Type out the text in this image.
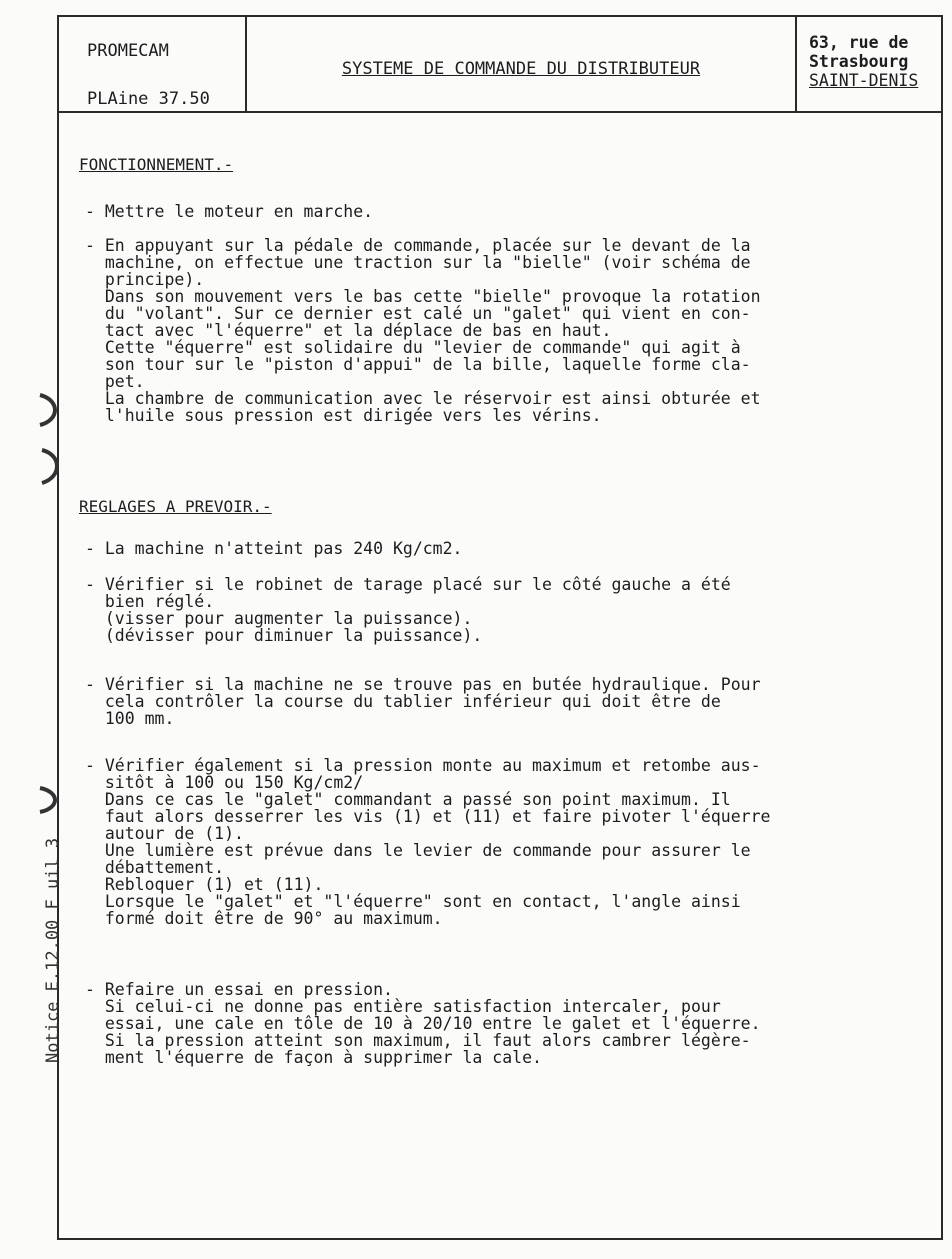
PROMECAM
PLAine 37.50
SYSTEME DE COMMANDE DU DISTRIBUTEUR
63, rue de
Strasbourg
SAINT-DENIS
FONCTIONNEMENT.-
- Mettre le moteur en marche.
- En appuyant sur la pédale de commande, placée sur le devant de la
machine, on effectue une traction sur la "bielle" (voir schéma de
principe).
Dans son mouvement vers le bas cette "bielle" provoque la rotation
du "volant". Sur ce dernier est calé un "galet" qui vient en con-
tact avec "l'équerre" et la déplace de bas en haut.
Cette "équerre" est solidaire du "levier de commande" qui agit à
son tour sur le "piston d'appui" de la bille, laquelle forme cla-
pet.
La chambre de communication avec le réservoir est ainsi obturée et
l'huile sous pression est dirigée vers les vérins.
REGLAGES A PREVOIR.-
- La machine n'atteint pas 240 Kg/cm2.
- Vérifier si le robinet de tarage placé sur le côté gauche a été
bien réglé.
(visser pour augmenter la puissance).
(dévisser pour diminuer la puissance).
- Vérifier si la machine ne se trouve pas en butée hydraulique. Pour
cela contrôler la course du tablier inférieur qui doit être de
100 mm.
- Vérifier également si la pression monte au maximum et retombe aus-
sitôt à 100 ou 150 Kg/cm2/
Dans ce cas le "galet" commandant a passé son point maximum. Il
faut alors desserrer les vis (1) et (11) et faire pivoter l'équerre
autour de (1).
Une lumière est prévue dans le levier de commande pour assurer le
débattement.
Rebloquer (1) et (11).
Lorsque le "galet" et "l'équerre" sont en contact, l'angle ainsi
formé doit être de 90° au maximum.
- Refaire un essai en pression.
Si celui-ci ne donne pas entière satisfaction intercaler, pour
essai, une cale en tôle de 10 à 20/10 entre le galet et l'équerre.
Si la pression atteint son maximum, il faut alors cambrer légère-
ment l'équerre de façon à supprimer la cale.
Notice E.12.00 F uil 3
